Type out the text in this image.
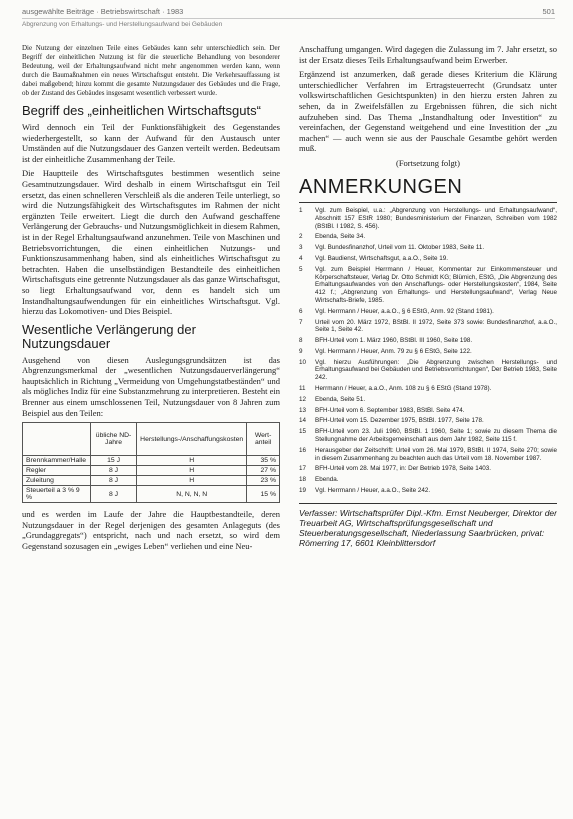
ausgewählte Beiträge · Betriebswirtschaft · 1983	501
Abgrenzung von Erhaltungs- und Herstellungsaufwand bei Gebäuden

Die Nutzung der einzelnen Teile eines Gebäudes kann sehr unterschiedlich sein. Der Begriff der einheitlichen Nutzung ist für die steuerliche Behandlung von besonderer Bedeutung, weil der Erhaltungsaufwand nicht mehr angenommen werden kann, wenn durch die Baumaßnahmen ein neues Wirtschaftsgut entsteht. Die Verkehrsauffassung ist dabei maßgebend; hinzu kommt die gesamte Nutzungsdauer des Gebäudes und die Frage, ob der Zustand des Gebäudes insgesamt wesentlich verbessert wurde.

Begriff des „einheitlichen Wirtschaftsguts“

Wird dennoch ein Teil der Funktionsfähigkeit des Gegenstandes wiederhergestellt, so kann der Aufwand für den Austausch unter Umständen auf die Nutzungsdauer des Ganzen verteilt werden. Bedeutsam ist der einheitliche Zusammenhang der Teile.

Die Hauptteile des Wirtschaftsgutes bestimmen wesentlich seine Gesamtnutzungsdauer. Wird deshalb in einem Wirtschaftsgut ein Teil ersetzt, das einen schnelleren Verschleiß als die anderen Teile unterliegt, so wird die Nutzungsfähigkeit des Wirtschaftsgutes im Rahmen der nicht ergänzten Teile erweitert. Liegt die durch den Aufwand geschaffene Verlängerung der Gebrauchs- und Nutzungsmöglichkeit in diesem Rahmen, ist in der Regel Erhaltungsaufwand anzunehmen. Teile von Maschinen und Betriebsvorrichtungen, die einen einheitlichen Nutzungs- und Funktionszusammenhang haben, sind als einheitliches Wirtschaftsgut zu betrachten. Haben die unselbständigen Bestandteile des einheitlichen Wirtschaftsguts eine getrennte Nutzungsdauer als das ganze Wirtschaftsgut, so liegt Erhaltungsaufwand vor, denn es handelt sich um Instandhaltungsaufwendungen für ein einheitliches Wirtschaftsgut. Vgl. hierzu das Lokomotiven- und Dies Beispiel.

Wesentliche Verlängerung der Nutzungsdauer

Ausgehend von diesen Auslegungsgrundsätzen ist das Abgrenzungsmerkmal der „wesentlichen Nutzungsdauerverlängerung“ hauptsächlich in Richtung „Vermeidung von Umgehungstatbeständen“ und als mögliches Indiz für eine Substanzmehrung zu interpretieren. Besteht ein Brenner aus einem umschlossenen Teil, Nutzungsdauer von 8 Jahren zum Beispiel aus den Teilen:

	übliche ND-Jahre	Herstellungs-/Anschaffungskosten	Wert-anteil
Brennkammer/Halle	15 J	H	35 %
Regler	8 J	H	27 %
Zuleitung	8 J	H	23 %
Steuerteil a 3 % 9 %	8 J	N, N, N, N	15 %

und es werden im Laufe der Jahre die Hauptbestandteile, deren Nutzungsdauer in der Regel derjenigen des gesamten Anlageguts (des „Grundaggregats“) entspricht, nach und nach ersetzt, so wird dem Gegenstand sozusagen ein „ewiges Leben“ verliehen und eine Neu-

Anschaffung umgangen. Wird dagegen die Zulassung im 7. Jahr ersetzt, so ist der Ersatz dieses Teils Erhaltungsaufwand beim Erwerber.

Ergänzend ist anzumerken, daß gerade dieses Kriterium die Klärung unterschiedlicher Verfahren im Ertragsteuerrecht (Grundsatz unter volkswirtschaftlichen Gesichtspunkten) in den hierzu ersten Jahren zu sehen, da in Zweifelsfällen zu Ergebnissen führen, die sich nicht aufzuheben sind. Das Thema „Instandhaltung oder Investition“ zu vereinfachen, der Gegenstand weitgehend und eine Investition der „zu machen“ — auch wenn sie aus der Pauschale Gesamtbe gehört werden muß.

(Fortsetzung folgt)
ANMERKUNGEN
1 Vgl. zum Beispiel, u.a.: „Abgrenzung von Herstellungs- und Erhaltungsaufwand“, Abschnitt 157 EStR 1980; Bundesministerium der Finanzen, Schreiben vom 1982 (BStBl. I 1982, S. 456).
2 Ebenda, Seite 34.
3 Vgl. Bundesfinanzhof, Urteil vom 11. Oktober 1983, Seite 11.
4 Vgl. Baudienst, Wirtschaftsgut, a.a.O., Seite 19.
5 Vgl. zum Beispiel Herrmann / Heuer, Kommentar zur Einkommensteuer und Körperschaftsteuer, Verlag Dr. Otto Schmidt KG; Blümich, EStG, „Die Abgrenzung des Erhaltungsaufwandes von den Anschaffungs- oder Herstellungskosten“, 1984, Seite 412 f.; „Abgrenzung von Erhaltungs- und Herstellungsaufwand“, Verlag Neue Wirtschafts-Briefe, 1985.
6 Vgl. Herrmann / Heuer, a.a.O., § 6 EStG, Anm. 92 (Stand 1981).
7 Urteil vom 20. März 1972, BStBl. II 1972, Seite 373 sowie: Bundesfinanzhof, a.a.O., Seite 1, Seite 42.
8 BFH-Urteil vom 1. März 1960, BStBl. III 1960, Seite 198.
9 Vgl. Herrmann / Heuer, Anm. 79 zu § 6 EStG, Seite 122.
10 Vgl. hierzu Ausführungen: „Die Abgrenzung zwischen Herstellungs- und Erhaltungsaufwand bei Gebäuden und Betriebsvorrichtungen“, Der Betrieb 1983, Seite 242.
11 Herrmann / Heuer, a.a.O., Anm. 108 zu § 6 EStG (Stand 1978).
12 Ebenda, Seite 51.
13 BFH-Urteil vom 6. September 1983, BStBl. Seite 474.
14 BFH-Urteil vom 15. Dezember 1975, BStBl. 1977, Seite 178.
15 BFH-Urteil vom 23. Juli 1960, BStBl. 1 1960, Seite 1; sowie zu diesem Thema die Stellungnahme der Arbeitsgemeinschaft aus dem Jahr 1982, Seite 115 f.
16 Herausgeber der Zeitschrift: Urteil vom 26. Mai 1979, BStBl. II 1974, Seite 270; sowie in diesem Zusammenhang zu beachten auch das Urteil vom 18. November 1987.
17 BFH-Urteil vom 28. Mai 1977, in: Der Betrieb 1978, Seite 1403.
18 Ebenda.
19 Vgl. Herrmann / Heuer, a.a.O., Seite 242.
Verfasser: Wirtschaftsprüfer Dipl.-Kfm. Ernst Neuberger, Direktor der Treuarbeit AG, Wirtschaftsprüfungsgesellschaft und Steuerberatungsgesellschaft, Niederlassung Saarbrücken, privat: Römerring 17, 6601 Kleinblittersdorf
